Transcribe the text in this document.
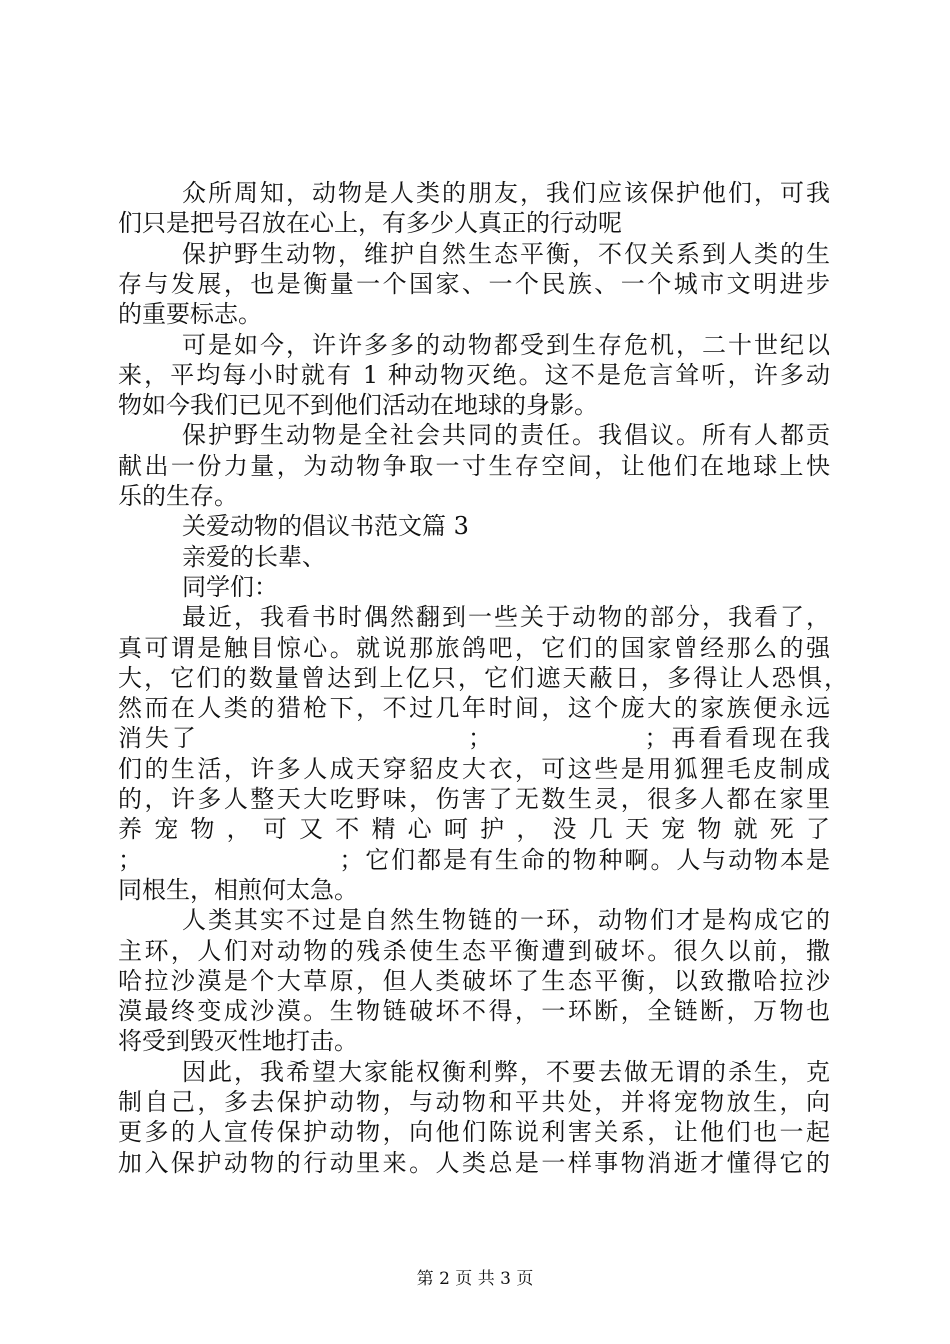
众所周知，动物是人类的朋友，我们应该保护他们，可我
们只是把号召放在心上，有多少人真正的行动呢
保护野生动物，维护自然生态平衡，不仅关系到人类的生
存与发展，也是衡量一个国家、一个民族、一个城市文明进步
的重要标志。
可是如今，许许多多的动物都受到生存危机，二十世纪以
来，平均每小时就有 1 种动物灭绝。这不是危言耸听，许多动
物如今我们已见不到他们活动在地球的身影。
保护野生动物是全社会共同的责任。我倡议。所有人都贡
献出一份力量，为动物争取一寸生存空间，让他们在地球上快
乐的生存。
关爱动物的倡议书范文篇 3
亲爱的长辈、
同学们：
最近，我看书时偶然翻到一些关于动物的部分，我看了，
真可谓是触目惊心。就说那旅鸽吧，它们的国家曾经那么的强
大，它们的数量曾达到上亿只，它们遮天蔽日，多得让人恐惧，
然而在人类的猎枪下，不过几年时间，这个庞大的家族便永远
消失了　　　　　　　　　　；　　　　　　；再看看现在我
们的生活，许多人成天穿貂皮大衣，可这些是用狐狸毛皮制成
的，许多人整天大吃野味，伤害了无数生灵，很多人都在家里
养宠物，可又不精心呵护，没几天宠物就死了
；　　　　　　　　；它们都是有生命的物种啊。人与动物本是
同根生，相煎何太急。
人类其实不过是自然生物链的一环，动物们才是构成它的
主环，人们对动物的残杀使生态平衡遭到破坏。很久以前，撒
哈拉沙漠是个大草原，但人类破坏了生态平衡，以致撒哈拉沙
漠最终变成沙漠。生物链破坏不得，一环断，全链断，万物也
将受到毁灭性地打击。
因此，我希望大家能权衡利弊，不要去做无谓的杀生，克
制自己，多去保护动物，与动物和平共处，并将宠物放生，向
更多的人宣传保护动物，向他们陈说利害关系，让他们也一起
加入保护动物的行动里来。人类总是一样事物消逝才懂得它的
第 2 页 共 3 页
